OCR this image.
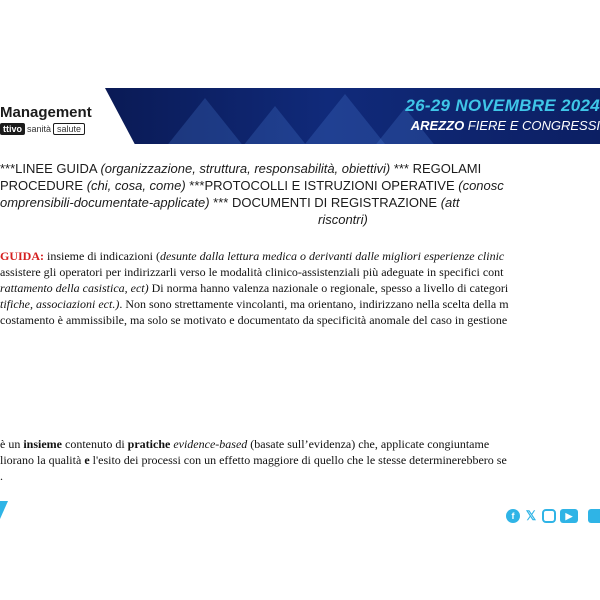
Management
ttivo sanità salute
26-29 NOVEMBRE 2024
AREZZO FIERE E CONGRESSI
***LINEE GUIDA (organizzazione, struttura, responsabilità, obiettivi) *** REGOLAMI
PROCEDURE (chi, cosa, come) ***PROTOCOLLI E ISTRUZIONI OPERATIVE (conosc
omprensibili-documentate-applicate) *** DOCUMENTI DI REGISTRAZIONE (att
riscontri)
GUIDA: insieme di indicazioni (desunte dalla lettura medica o derivanti dalle migliori esperienze clinic
assistere gli operatori per indirizzarli verso le modalità clinico-assistenziali più adeguate in specifici cont
rattamento della casistica, ect) Di norma hanno valenza nazionale o regionale, spesso a livello di categori
tifiche, associazioni ect.). Non sono strettamente vincolanti, ma orientano, indirizzano nella scelta della m
costamento è ammissibile, ma solo se motivato e documentato da specificità anomale del caso in gestione
è un insieme contenuto di pratiche evidence-based (basate sull’evidenza) che, applicate congiuntame
liorano la qualità e l'esito dei processi con un effetto maggiore di quello che le stesse determinerebbero se
.
f 𝕏	▶
